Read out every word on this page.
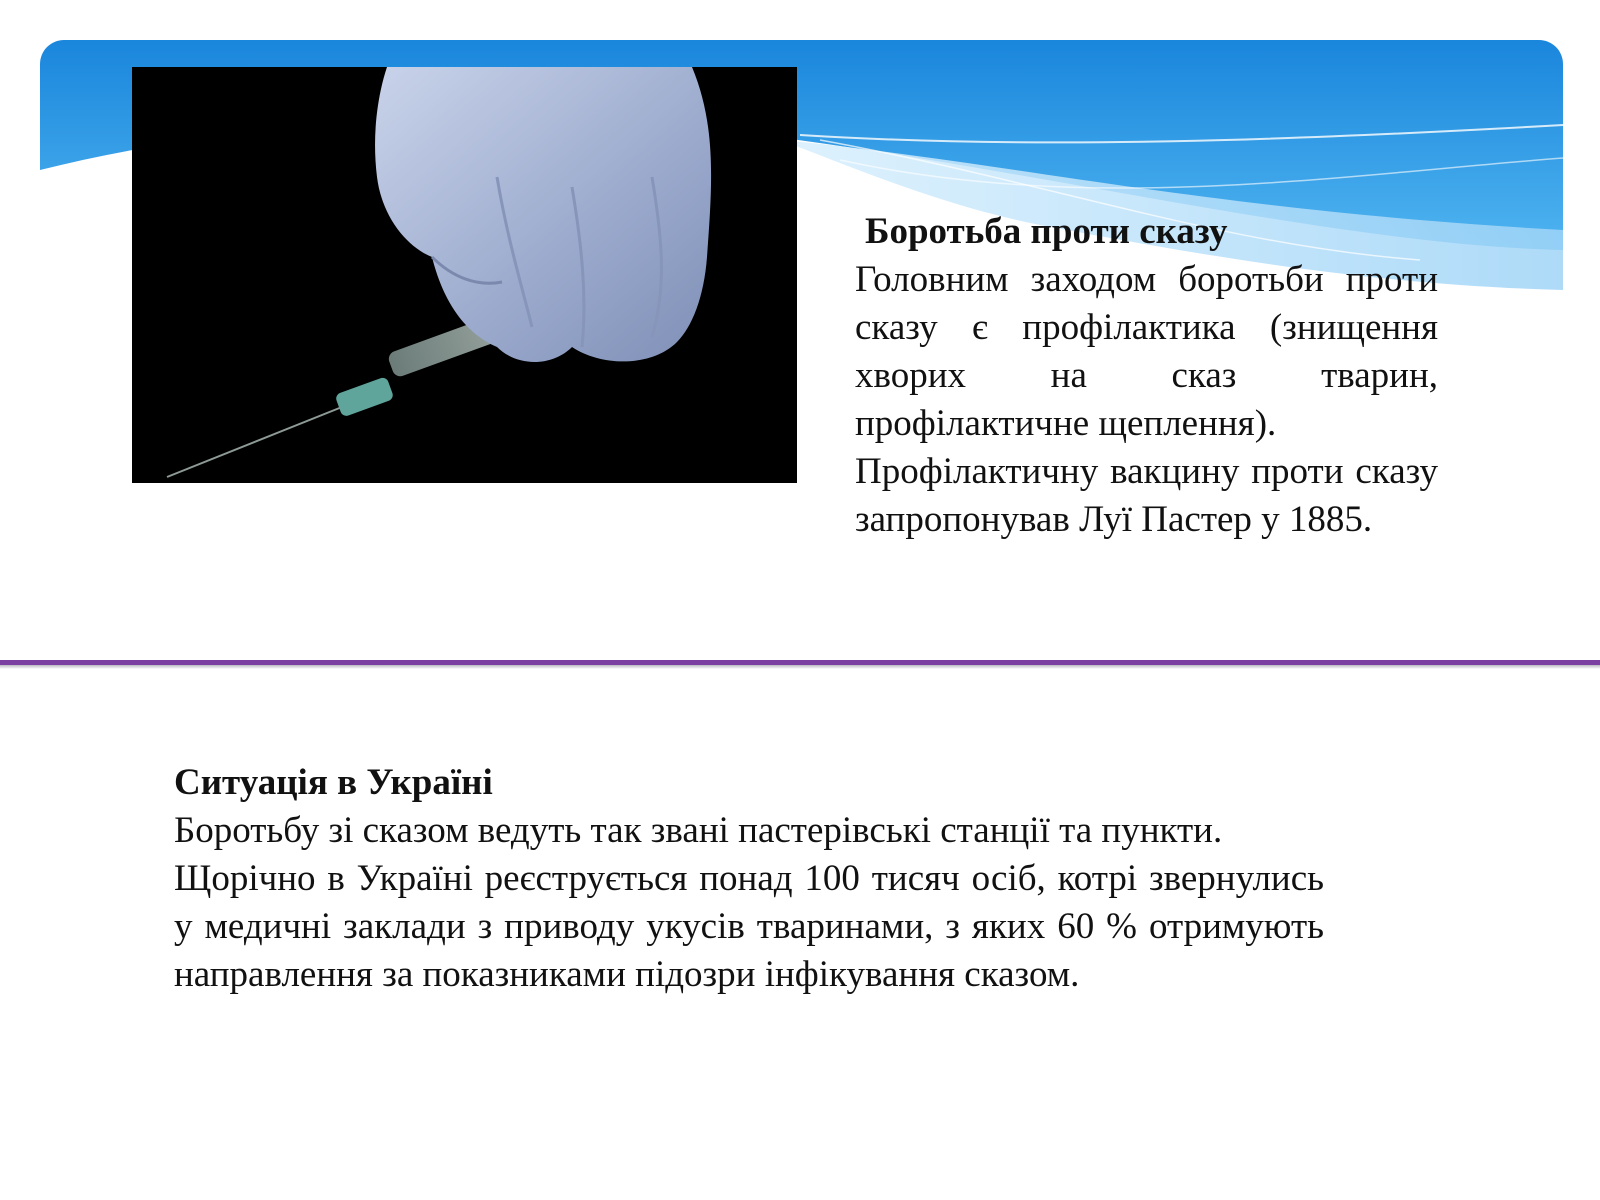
Боротьба проти сказу

Головним заходом боротьби проти сказу є профілактика (знищення хворих на сказ тварин, профілактичне щеплення).

Профілактичну вакцину проти сказу запропонував Луї Пастер у 1885.

Ситуація в Україні

Боротьбу зі сказом ведуть так звані пастерівські станції та пункти.

Щорічно в Україні реєструється понад 100 тисяч осіб, котрі звернулись у медичні заклади з приводу укусів тваринами, з яких 60 % отримують направлення за показниками підозри інфікування сказом.
